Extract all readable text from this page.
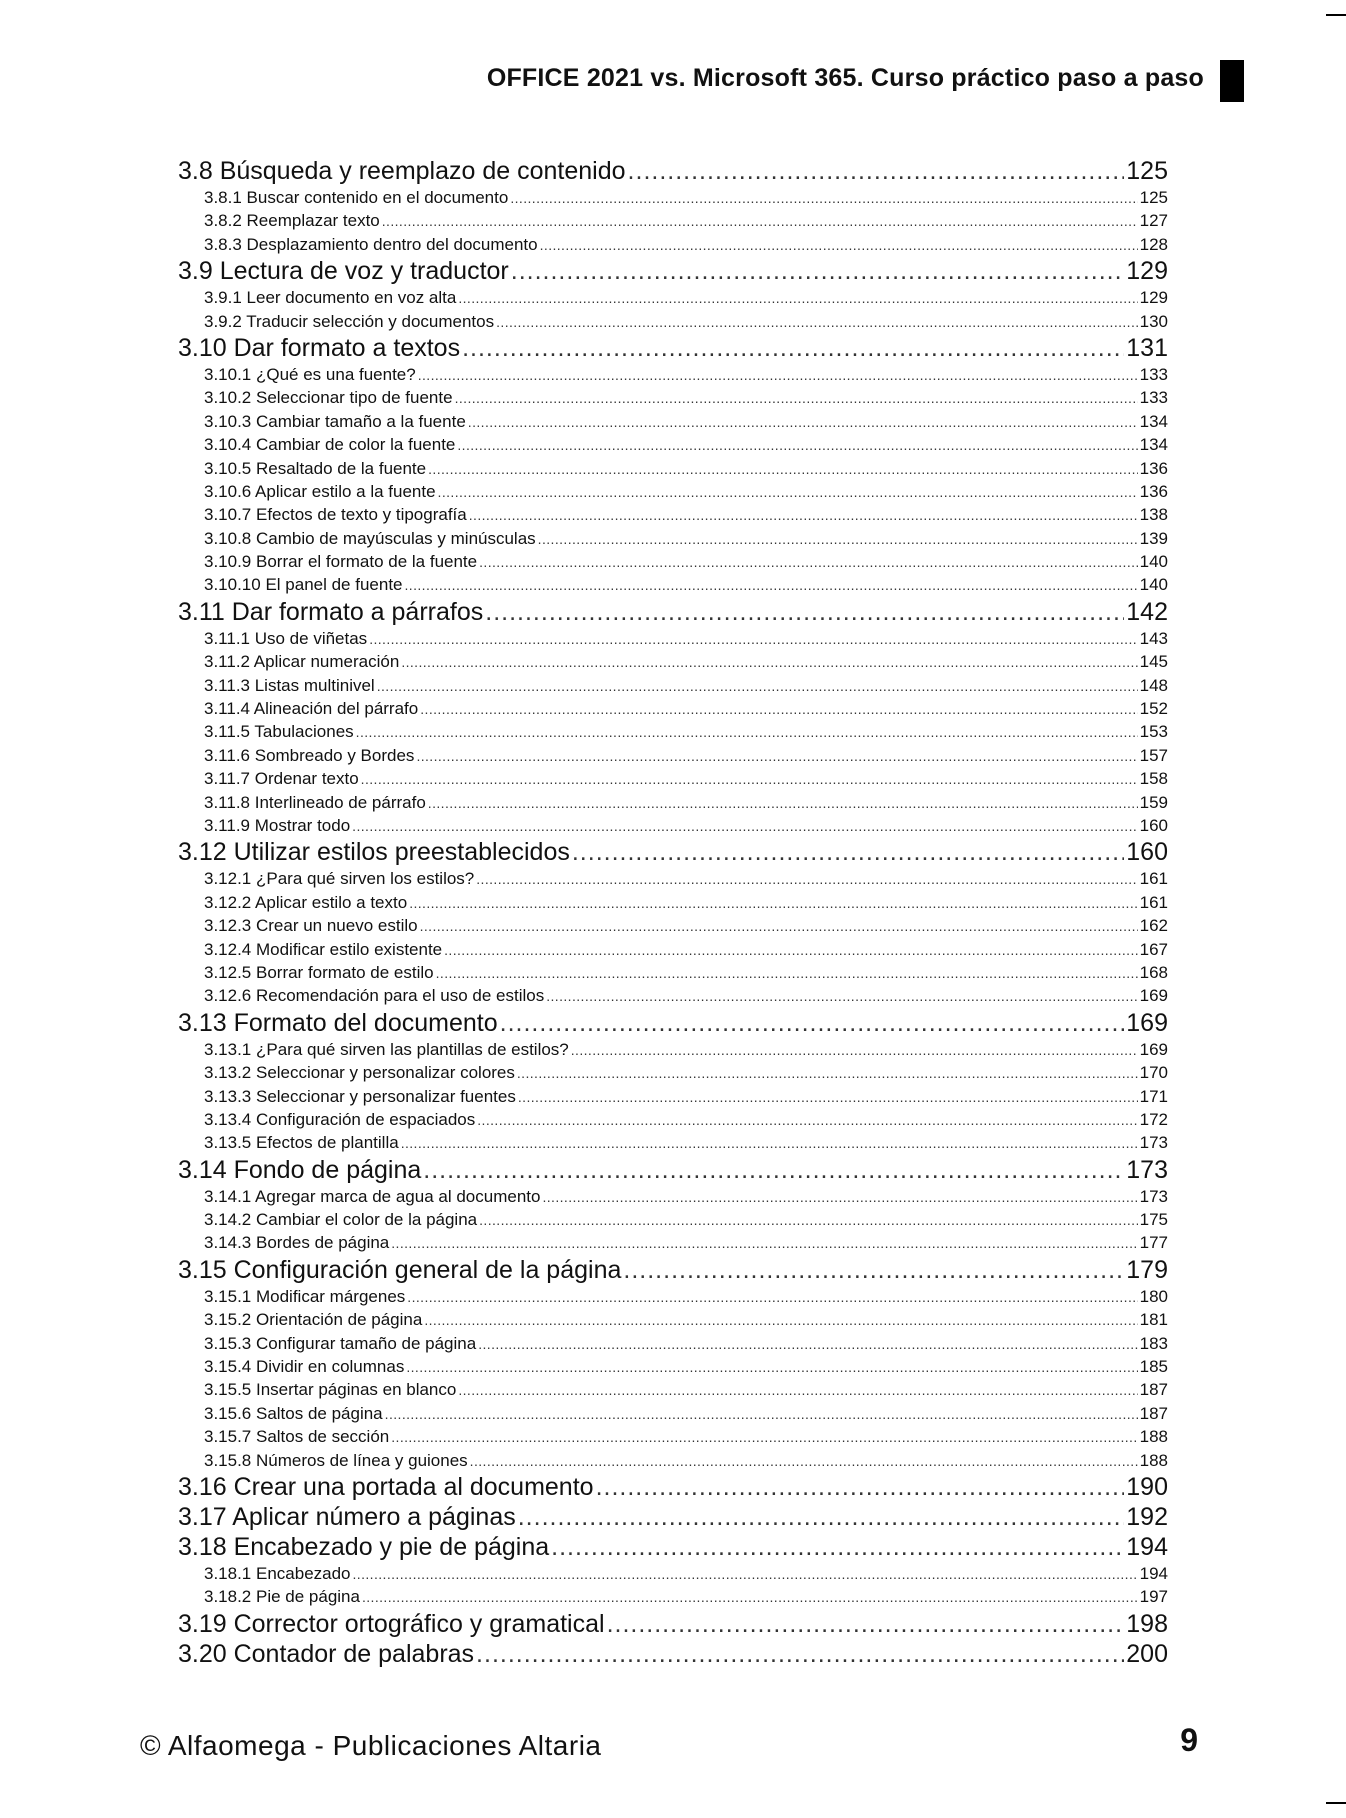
OFFICE 2021 vs. Microsoft 365. Curso práctico paso a paso
3.8 Búsqueda y reemplazo de contenido .....	125
3.8.1 Buscar contenido en el documento .....	125
3.8.2 Reemplazar texto .....	127
3.8.3 Desplazamiento dentro del documento .....	128
3.9 Lectura de voz y traductor .....	129
3.9.1 Leer documento en voz alta .....	129
3.9.2 Traducir selección y documentos .....	130
3.10 Dar formato a textos .....	131
3.10.1 ¿Qué es una fuente? .....	133
3.10.2 Seleccionar tipo de fuente .....	133
3.10.3 Cambiar tamaño a la fuente .....	134
3.10.4 Cambiar de color la fuente .....	134
3.10.5 Resaltado de la fuente .....	136
3.10.6 Aplicar estilo a la fuente .....	136
3.10.7 Efectos de texto y tipografía .....	138
3.10.8 Cambio de mayúsculas y minúsculas .....	139
3.10.9 Borrar el formato de la fuente .....	140
3.10.10 El panel de fuente .....	140
3.11 Dar formato a párrafos .....	142
3.11.1 Uso de viñetas .....	143
3.11.2 Aplicar numeración .....	145
3.11.3 Listas multinivel .....	148
3.11.4 Alineación del párrafo .....	152
3.11.5 Tabulaciones .....	153
3.11.6 Sombreado y Bordes .....	157
3.11.7 Ordenar texto .....	158
3.11.8 Interlineado de párrafo .....	159
3.11.9 Mostrar todo .....	160
3.12 Utilizar estilos preestablecidos .....	160
3.12.1 ¿Para qué sirven los estilos? .....	161
3.12.2 Aplicar estilo a texto .....	161
3.12.3 Crear un nuevo estilo .....	162
3.12.4 Modificar estilo existente .....	167
3.12.5 Borrar formato de estilo .....	168
3.12.6 Recomendación para el uso de estilos .....	169
3.13 Formato del documento .....	169
3.13.1 ¿Para qué sirven las plantillas de estilos? .....	169
3.13.2 Seleccionar y personalizar colores .....	170
3.13.3 Seleccionar y personalizar fuentes .....	171
3.13.4 Configuración de espaciados .....	172
3.13.5 Efectos de plantilla .....	173
3.14 Fondo de página .....	173
3.14.1 Agregar marca de agua al documento .....	173
3.14.2 Cambiar el color de la página .....	175
3.14.3 Bordes de página .....	177
3.15 Configuración general de la página .....	179
3.15.1 Modificar márgenes .....	180
3.15.2 Orientación de página .....	181
3.15.3 Configurar tamaño de página .....	183
3.15.4 Dividir en columnas .....	185
3.15.5 Insertar páginas en blanco .....	187
3.15.6 Saltos de página .....	187
3.15.7 Saltos de sección .....	188
3.15.8 Números de línea y guiones .....	188
3.16 Crear una portada al documento .....	190
3.17 Aplicar número a páginas .....	192
3.18 Encabezado y pie de página .....	194
3.18.1 Encabezado .....	194
3.18.2 Pie de página .....	197
3.19 Corrector ortográfico y gramatical .....	198
3.20 Contador de palabras .....	200
© Alfaomega - Publicaciones Altaria	9
